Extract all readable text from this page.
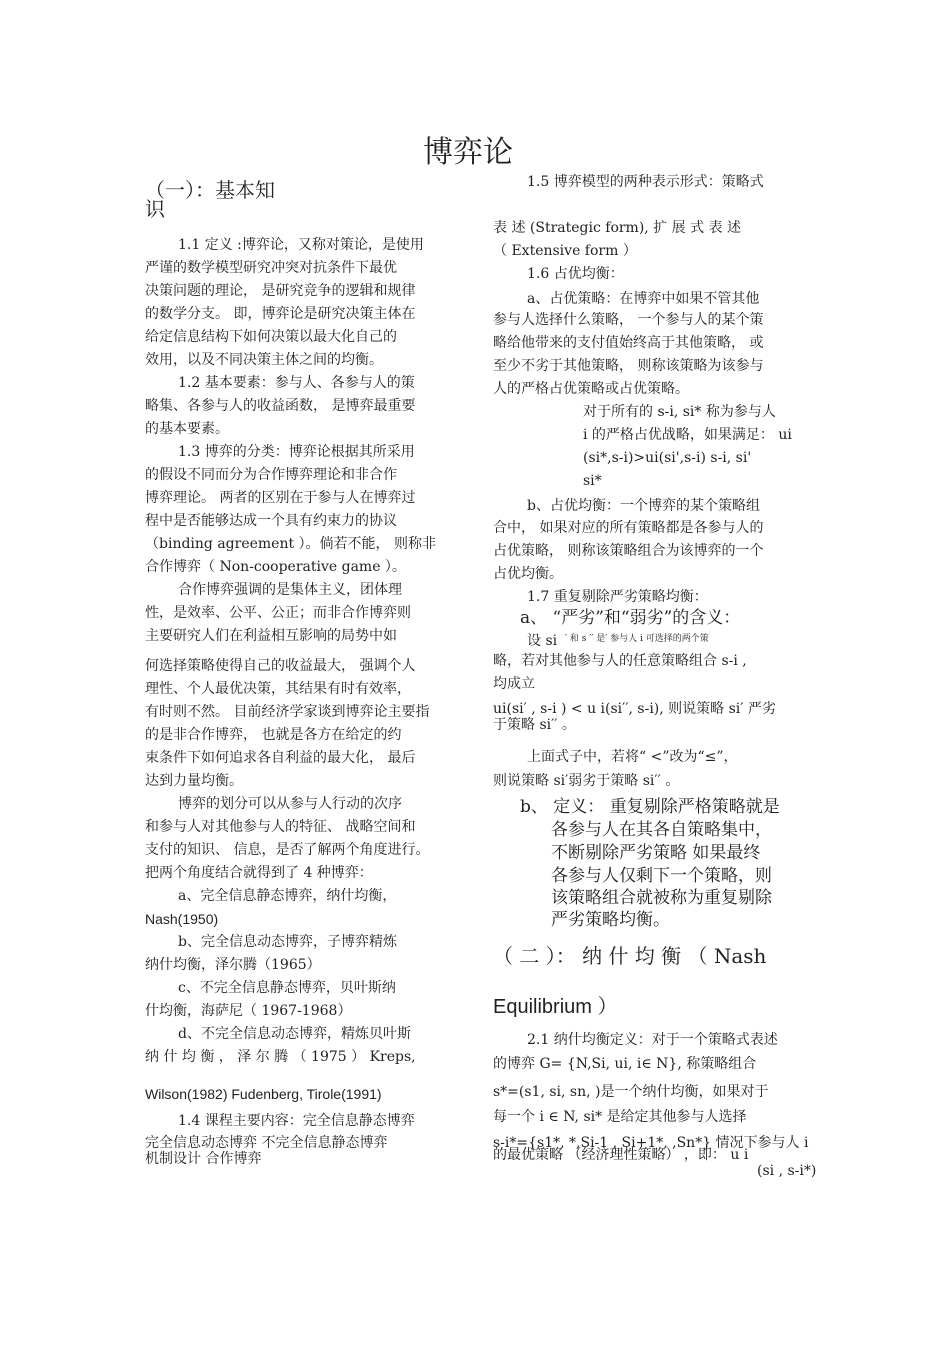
博弈论
（一）：基本知
识
1.1 定义 :博弈论，又称对策论，是使用
严谨的数学模型研究冲突对抗条件下最优
决策问题的理论， 是研究竞争的逻辑和规律
的数学分支。 即，博弈论是研究决策主体在
给定信息结构下如何决策以最大化自己的
效用，以及不同决策主体之间的均衡。
1.2 基本要素：参与人、各参与人的策
略集、各参与人的收益函数， 是博弈最重要
的基本要素。
1.3 博弈的分类：博弈论根据其所采用
的假设不同而分为合作博弈理论和非合作
博弈理论。 两者的区别在于参与人在博弈过
程中是否能够达成一个具有约束力的协议
（binding agreement ）。倘若不能， 则称非
合作博弈（ Non-cooperative game ）。
合作博弈强调的是集体主义，团体理
性，是效率、公平、公正；而非合作博弈则
主要研究人们在利益相互影响的局势中如
何选择策略使得自己的收益最大， 强调个人
理性、个人最优决策，其结果有时有效率，
有时则不然。 目前经济学家谈到博弈论主要指
的是非合作博弈， 也就是各方在给定的约
束条件下如何追求各自利益的最大化， 最后
达到力量均衡。
博弈的划分可以从参与人行动的次序
和参与人对其他参与人的特征、 战略空间和
支付的知识、 信息，是否了解两个角度进行。
把两个角度结合就得到了 4 种博弈：
a、完全信息静态博弈，纳什均衡，
Nash(1950)
b、完全信息动态博弈，子博弈精炼
纳什均衡，泽尔腾（1965）
c、不完全信息静态博弈，贝叶斯纳
什均衡，海萨尼（ 1967-1968）
d、不完全信息动态博弈，精炼贝叶斯
纳 什 均 衡 ， 泽 尔 腾 （ 1975 ） Kreps,
Wilson(1982) Fudenberg, Tirole(1991)
1.4 课程主要内容：完全信息静态博弈
完全信息动态博弈 不完全信息静态博弈
机制设计 合作博弈
1.5 博弈模型的两种表示形式：策略式
表 述 (Strategic form), 扩 展 式 表 述
（ Extensive form ）
1.6 占优均衡：
a、占优策略：在博弈中如果不管其他
参与人选择什么策略， 一个参与人的某个策
略给他带来的支付值始终高于其他策略， 或
至少不劣于其他策略， 则称该策略为该参与
人的严格占优策略或占优策略。
对于所有的 s-i, si* 称为参与人
i 的严格占优战略，如果满足： ui
(si*,s-i)>ui(si',s-i) s-i, si'
si*
b、占优均衡：一个博弈的某个策略组
合中， 如果对应的所有策略都是各参与人的
占优策略， 则称该策略组合为该博弈的一个
占优均衡。
1.7 重复剔除严劣策略均衡：
a、 “严劣”和“弱劣”的含义：
设 si ′ 和 s ′′ 是′ 参与人 i 可选择的两个策
略，若对其他参与人的任意策略组合 s-i ,
均成立
ui(si′ , s-i ) < u i(si′′, s-i), 则说策略 si′ 严劣
于策略 si′′ 。
上面式子中，若将“ <”改为“≤”，
则说策略 si′弱劣于策略 si′′ 。
b、 定义： 重复剔除严格策略就是
各参与人在其各自策略集中，
不断剔除严劣策略 如果最终
各参与人仅剩下一个策略，则
该策略组合就被称为重复剔除
严劣策略均衡。
（ 二 ）： 纳 什 均 衡 （ Nash
Equilibrium ）
2.1 纳什均衡定义：对于一个策略式表述
的博弈 G= {N,Si, ui, i∈ N}, 称策略组合
s*=(s1, si, sn, )是一个纳什均衡，如果对于
每一个 i ∈ N, si* 是给定其他参与人选择
s-i*={s1*, *,Si-1 , Si+1*, ,Sn*} 情况下参与人 i
的最优策略 （经济理性策略） ，即： u i
(si , s-i*)
